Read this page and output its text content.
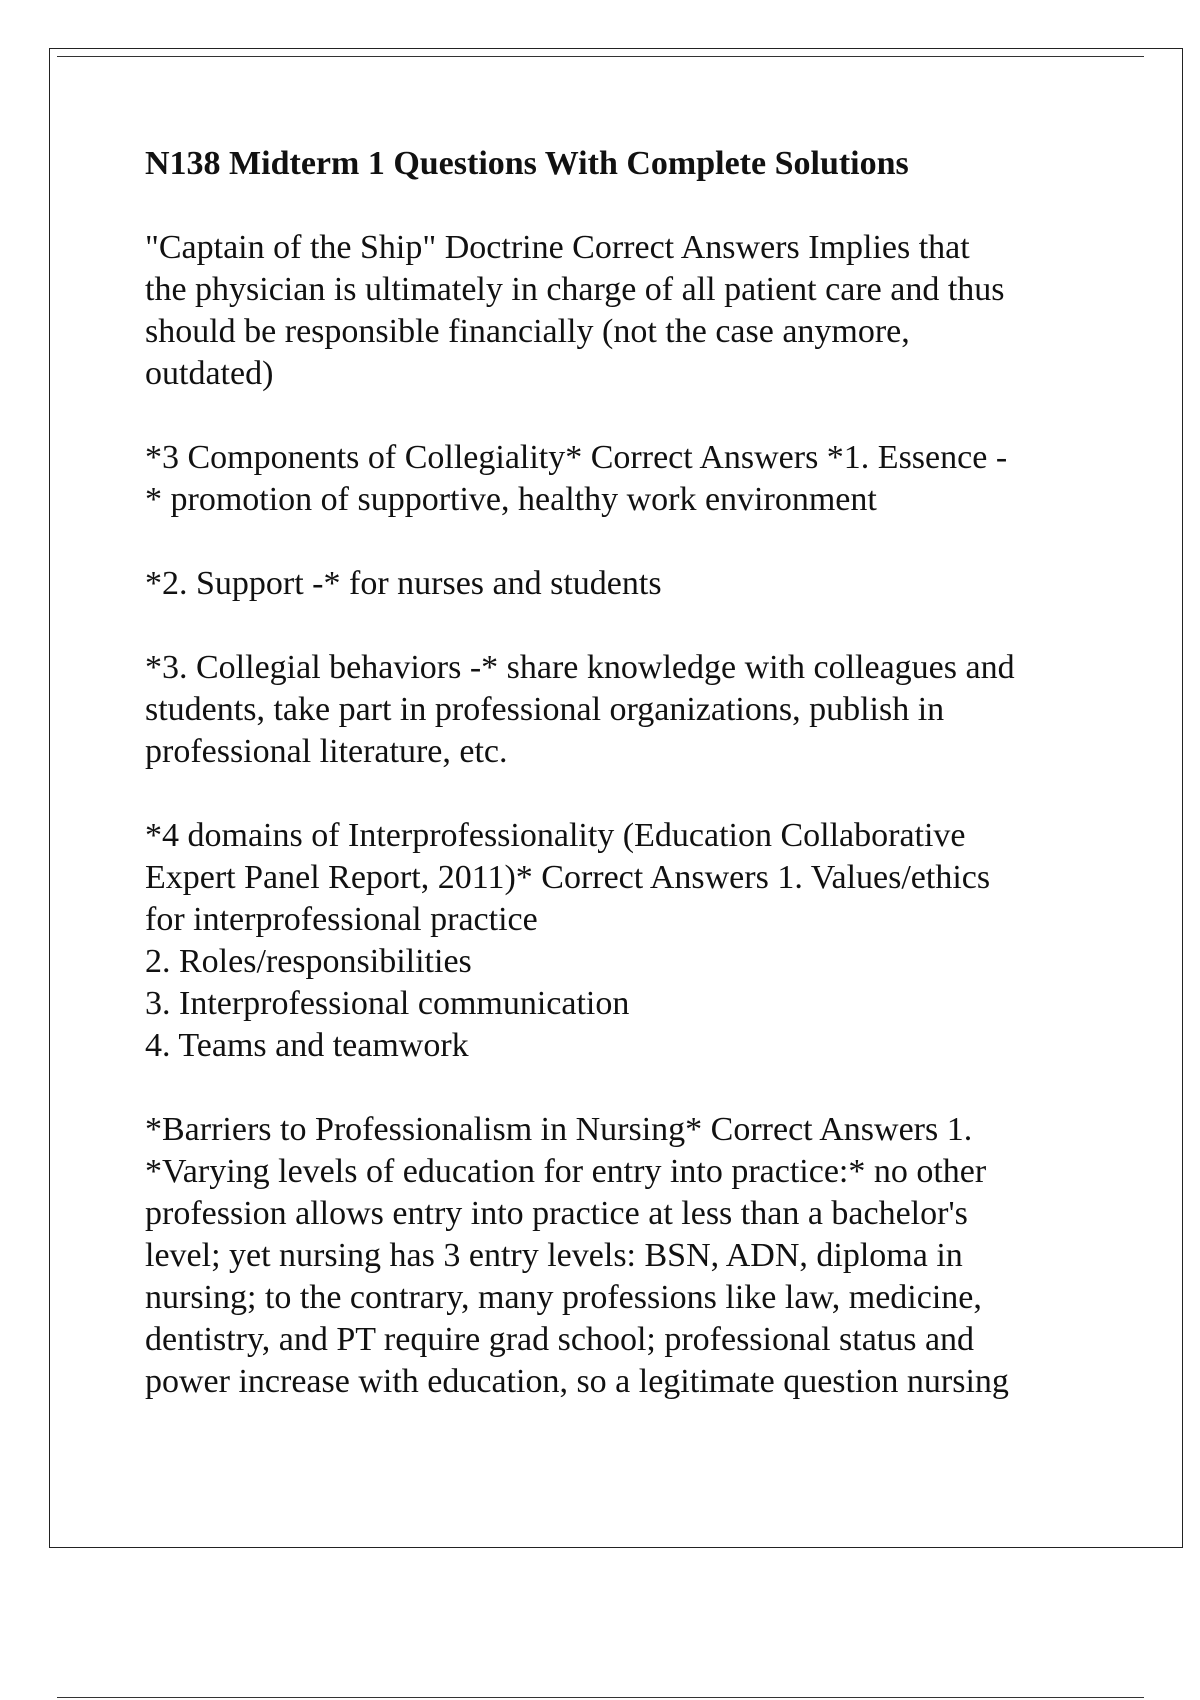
N138 Midterm 1 Questions With Complete Solutions
"Captain of the Ship" Doctrine Correct Answers Implies that
the physician is ultimately in charge of all patient care and thus
should be responsible financially (not the case anymore,
outdated)
*3 Components of Collegiality* Correct Answers *1. Essence -
* promotion of supportive, healthy work environment
*2. Support -* for nurses and students
*3. Collegial behaviors -* share knowledge with colleagues and
students, take part in professional organizations, publish in
professional literature, etc.
*4 domains of Interprofessionality (Education Collaborative
Expert Panel Report, 2011)* Correct Answers 1. Values/ethics
for interprofessional practice
2. Roles/responsibilities
3. Interprofessional communication
4. Teams and teamwork
*Barriers to Professionalism in Nursing* Correct Answers 1.
*Varying levels of education for entry into practice:* no other
profession allows entry into practice at less than a bachelor's
level; yet nursing has 3 entry levels: BSN, ADN, diploma in
nursing; to the contrary, many professions like law, medicine,
dentistry, and PT require grad school; professional status and
power increase with education, so a legitimate question nursing
